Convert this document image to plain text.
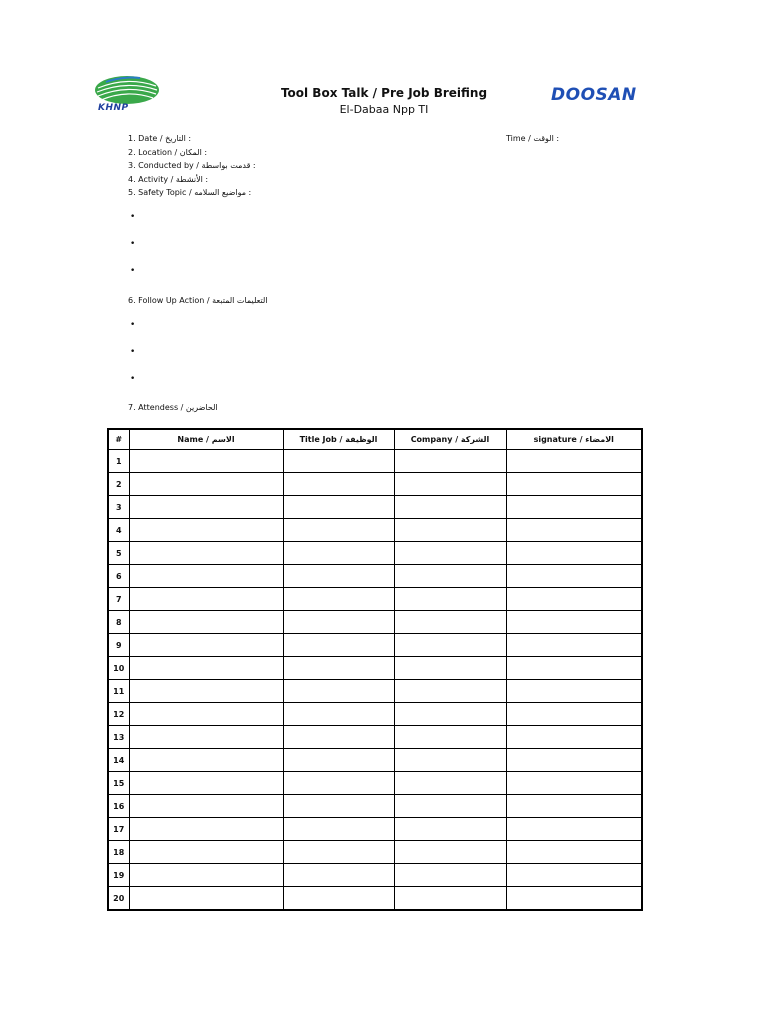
KHNP
Tool Box Talk / Pre Job Breifing
El-Dabaa Npp TI
DOOSAN
1. Date / التاريخ :	Time / الوقت :
2. Location / المكان :
3. Conducted by / قدمت بواسطة :
4. Activity / الأنشطة :
5. Safety Topic / مواضيع السلامه :
•
•
•
6. Follow Up Action / التعليمات المتبعة
•
•
•
7. Attendess / الحاضرين
#	Name / الاسم	Title Job / الوظيفة	Company / الشركة	signature / الامضاء
1				
2				
3				
4				
5				
6				
7				
8				
9				
10				
11				
12				
13				
14				
15				
16				
17				
18				
19				
20				
